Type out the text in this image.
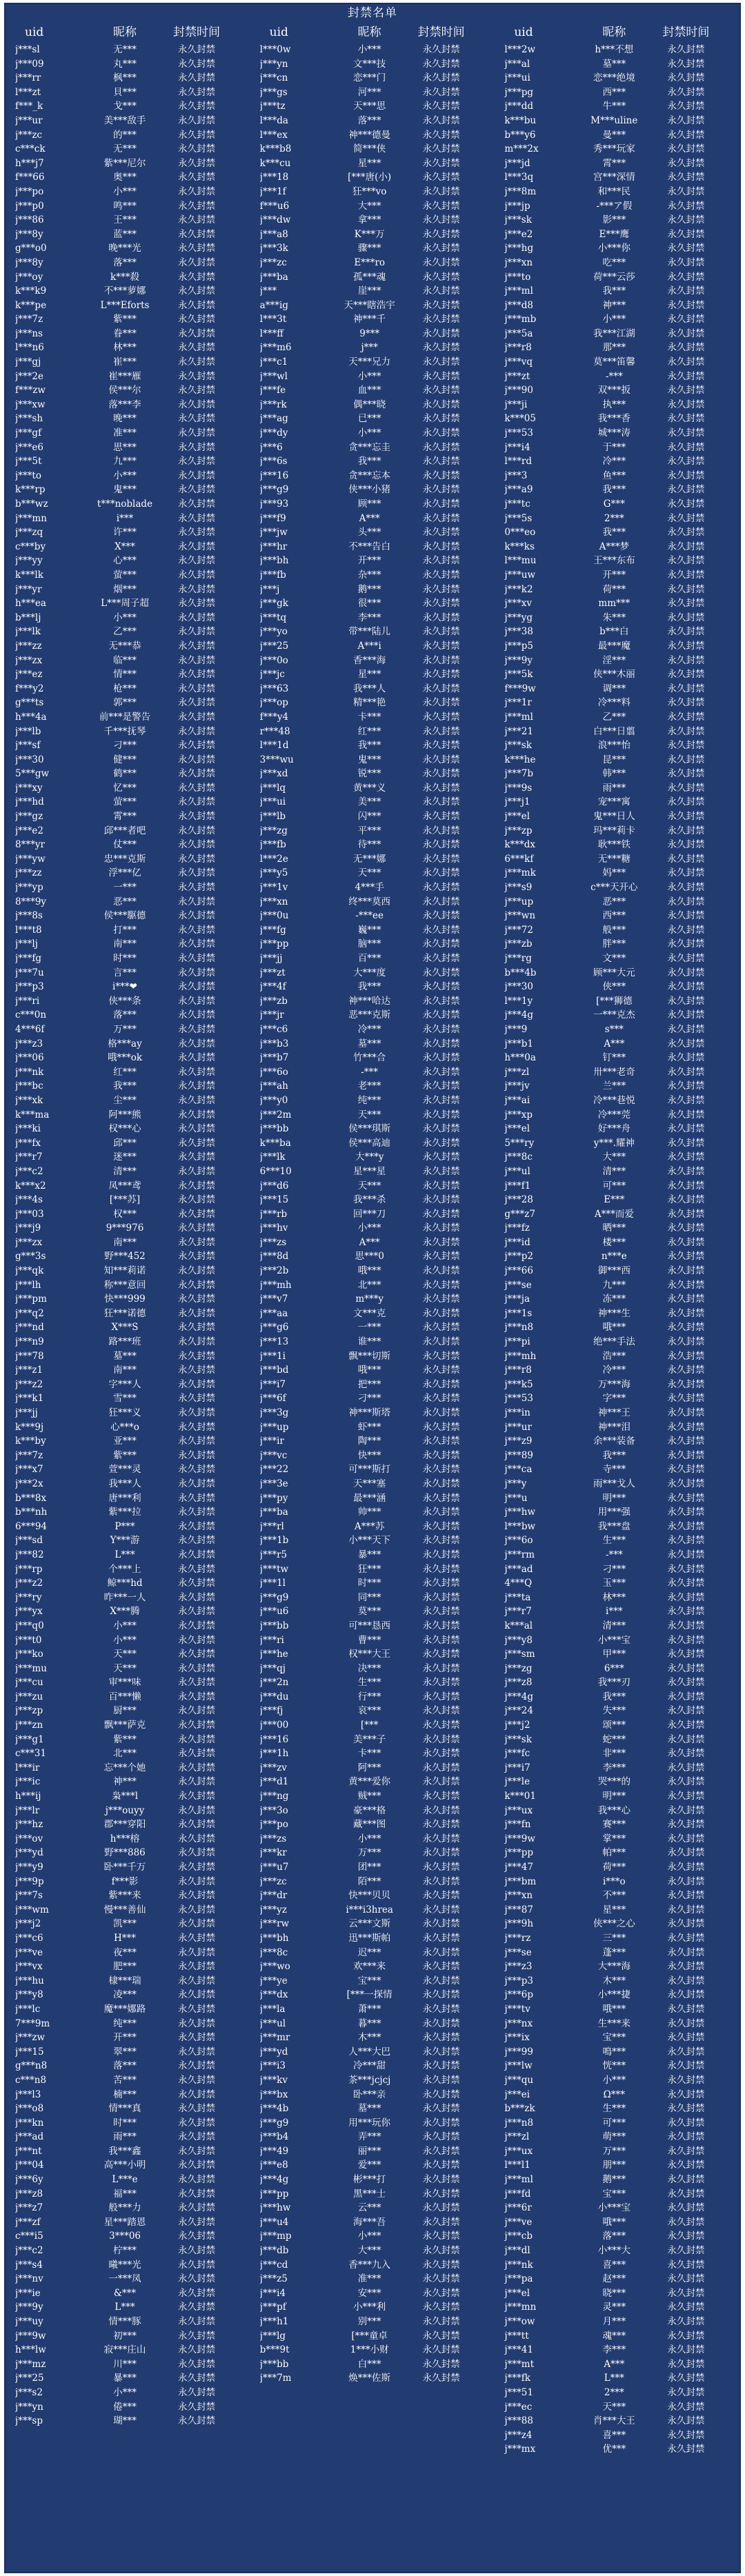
封禁名单
uid	昵称	封禁时间	uid	昵称	封禁时间	uid	昵称	封禁时间
j***sl	无***	永久封禁
j***09	丸***	永久封禁
j***rr	枫***	永久封禁
l***zt	貝***	永久封禁
f***_k	戈***	永久封禁
j***ur	美***敌手	永久封禁
j***zc	的***	永久封禁
c***ck	无***	永久封禁
h***j7	紫***尼尔	永久封禁
f***66	奥***	永久封禁
j***po	小***	永久封禁
j***p0	鸣***	永久封禁
j***86	王***	永久封禁
j***8y	蓝***	永久封禁
g***o0	晚***光	永久封禁
j***8y	落***	永久封禁
j***oy	k***殺	永久封禁
k***k9	不***萝娜	永久封禁
k***pe	L***Eforts	永久封禁
j***7z	紫***	永久封禁
j***ns	眷***	永久封禁
l***n6	林***	永久封禁
j***gj	崔***	永久封禁
j***2e	崔***雁	永久封禁
f***zw	侯***尔	永久封禁
j***xw	落***李	永久封禁
j***sh	晚***	永久封禁
j***gf	准***	永久封禁
j***e6	思***	永久封禁
j***5t	九***	永久封禁
j***to	小***	永久封禁
k***rp	鬼***	永久封禁
b***wz	t***noblade	永久封禁
j***mn	i***	永久封禁
j***zq	许***	永久封禁
c***by	X***	永久封禁
j***yy	心***	永久封禁
k***lk	萤***	永久封禁
j***yr	烟***	永久封禁
h***ea	L***周子超	永久封禁
b***lj	小***	永久封禁
j***lk	乙***	永久封禁
j***zz	无***恭	永久封禁
j***zx	临***	永久封禁
j***ez	情***	永久封禁
f***y2	枪***	永久封禁
g***ts	郭***	永久封禁
h***4a	前***是警告	永久封禁
j***lb	千***抚琴	永久封禁
j***sf	刁***	永久封禁
j***30	健***	永久封禁
5***gw	鹤***	永久封禁
j***xy	忆***	永久封禁
j***hd	萤***	永久封禁
j***gz	霄***	永久封禁
j***e2	邱***者吧	永久封禁
8***yr	仗***	永久封禁
j***yw	忠***克斯	永久封禁
j***zz	浮***亿	永久封禁
j***yp	一***	永久封禁
8***9y	恶***	永久封禁
j***8s	侯***駆德	永久封禁
l***t8	打***	永久封禁
j***lj	南***	永久封禁
j***fg	时***	永久封禁
j***7u	言***	永久封禁
j***p3	i***❤	永久封禁
j***ri	侠***条	永久封禁
c***0n	落***	永久封禁
4***6f	万***	永久封禁
j***z3	格***ay	永久封禁
j***06	哦***ok	永久封禁
j***nk	红***	永久封禁
j***bc	我***	永久封禁
j***xk	尘***	永久封禁
k***ma	阿***熊	永久封禁
j***ki	权***心	永久封禁
j***fx	邱***	永久封禁
j***r7	迷***	永久封禁
j***c2	清***	永久封禁
k***x2	凤***鸢	永久封禁
j***4s	[***苏]	永久封禁
j***03	权***	永久封禁
j***j9	9***976	永久封禁
j***zx	南***	永久封禁
g***3s	野***452	永久封禁
j***qk	知***莉诺	永久封禁
j***lh	称***意回	永久封禁
j***pm	快***999	永久封禁
j***q2	狂***诺德	永久封禁
j***nd	X***S	永久封禁
j***n9	路***班	永久封禁
j***78	墓***	永久封禁
j***z1	南***	永久封禁
j***z2	字***人	永久封禁
j***k1	雪***	永久封禁
j***jj	狂***义	永久封禁
k***9j	心***o	永久封禁
k***by	亚***	永久封禁
j***7z	紫***	永久封禁
j***x7	萱***灵	永久封禁
j***2x	我***人	永久封禁
b***8x	唐***利	永久封禁
b***nh	紫***拉	永久封禁
6***94	P***	永久封禁
j***sd	Y***游	永久封禁
j***82	L***	永久封禁
j***rp	个***上	永久封禁
j***z2	鲸***hd	永久封禁
j***ry	昨***一人	永久封禁
j***yx	X***腾	永久封禁
j***q0	小***	永久封禁
j***t0	小***	永久封禁
j***ko	天***	永久封禁
j***mu	天***	永久封禁
j***cu	审***味	永久封禁
j***zu	百***懒	永久封禁
j***zp	厨***	永久封禁
j***zn	飘***萨克	永久封禁
j***g1	紫***	永久封禁
c***31	北***	永久封禁
l***ir	忘***个她	永久封禁
j***ic	神***	永久封禁
h***ij	枭***l	永久封禁
j***lr	j***ouyy	永久封禁
j***hz	郡***穿阳	永久封禁
j***ov	h***榕	永久封禁
j***yd	野***886	永久封禁
j***y9	卧***千万	永久封禁
j***9p	f***影	永久封禁
j***7s	紫***来	永久封禁
j***wm	慢***善仙	永久封禁
j***j2	凯***	永久封禁
j***c6	H***	永久封禁
j***ve	夜***	永久封禁
j***vx	肥***	永久封禁
j***hu	棣***瑞	永久封禁
j***y8	凌***	永久封禁
j***lc	魔***娜路	永久封禁
7***9m	纯***	永久封禁
j***zw	开***	永久封禁
j***15	翠***	永久封禁
g***n8	落***	永久封禁
c***n8	苦***	永久封禁
j***l3	楠***	永久封禁
j***o8	情***真	永久封禁
j***kn	时***	永久封禁
j***ad	雨***	永久封禁
j***nt	我***鑫	永久封禁
j***04	高***小明	永久封禁
j***6y	L***e	永久封禁
j***z8	福***	永久封禁
j***z7	般***力	永久封禁
j***zf	星***踏恩	永久封禁
c***i5	3***06	永久封禁
j***c2	柠***	永久封禁
j***s4	曦***光	永久封禁
j***nv	一***凤	永久封禁
j***ie	&***	永久封禁
j***9y	L***	永久封禁
j***uy	情***豚	永久封禁
j***9w	初***	永久封禁
h***lw	寂***庄山	永久封禁
j***mz	川***	永久封禁
j***25	暴***	永久封禁
j***s2	小***	永久封禁
j***yn	倦***	永久封禁
j***sp	瑚***	永久封禁
l***0w	小***	永久封禁
j***yn	文***技	永久封禁
j***cn	恋***门	永久封禁
j***gs	河***	永久封禁
j***tz	天***思	永久封禁
l***da	落***	永久封禁
l***ex	神***德曼	永久封禁
k***b8	简***侠	永久封禁
k***cu	星***	永久封禁
j***18	[***唐(小)	永久封禁
j***1f	狂***vo	永久封禁
f***u6	大***	永久封禁
j***dw	拿***	永久封禁
j***a8	K***万	永久封禁
j***3k	骤***	永久封禁
j***zc	E***ro	永久封禁
j***ba	孤***魂	永久封禁
j***	崖***	永久封禁
a***ig	天***瞎浩宇	永久封禁
l***3t	神***千	永久封禁
l***ff	9***	永久封禁
j***m6	j***	永久封禁
j***c1	天***兄力	永久封禁
j***wl	小***	永久封禁
j***fe	血***	永久封禁
j***rk	偶***晓	永久封禁
j***ag	已***	永久封禁
j***dy	小***	永久封禁
j***6	贪***忘圭	永久封禁
j***6s	我***	永久封禁
j***16	贪***忘本	永久封禁
j***g9	侠***小猪	永久封禁
j***93	顾***	永久封禁
j***f9	A***	永久封禁
j***jw	头***	永久封禁
j***hr	不***告白	永久封禁
j***bh	开***	永久封禁
j***fb	杂***	永久封禁
j***j	鹅***	永久封禁
j***gk	很***	永久封禁
j***tq	李***	永久封禁
j***yo	带***陆儿	永久封禁
j***25	A***i	永久封禁
j***0o	香***海	永久封禁
j***jc	星***	永久封禁
j***63	我***人	永久封禁
j***op	精***艳	永久封禁
f***y4	卡***	永久封禁
r***48	红***	永久封禁
l***1d	我***	永久封禁
3***wu	鬼***	永久封禁
j***xd	锐***	永久封禁
j***lq	黄***义	永久封禁
j***ui	美***	永久封禁
j***lb	闪***	永久封禁
j***zg	平***	永久封禁
j***fb	待***	永久封禁
l***2e	无***娜	永久封禁
j***y5	天***	永久封禁
j***1v	4***手	永久封禁
j***xn	终***莫西	永久封禁
j***0u	-***ee	永久封禁
j***fg	巍***	永久封禁
j***pp	脑***	永久封禁
j***jj	百***	永久封禁
j***zt	大***度	永久封禁
j***4f	我***	永久封禁
j***zb	神***哈达	永久封禁
j***jr	恶***克斯	永久封禁
j***c6	冷***	永久封禁
j***b3	墓***	永久封禁
j***b7	竹***合	永久封禁
j***6o	-***	永久封禁
j***ah	老***	永久封禁
j***y0	纯***	永久封禁
j***2m	天***	永久封禁
j***bb	侯***琪斯	永久封禁
k***ba	侯***高迪	永久封禁
j***lk	大***y	永久封禁
6***10	星***星	永久封禁
j***d6	天***	永久封禁
j***15	我***杀	永久封禁
j***rb	回***刀	永久封禁
j***hv	小***	永久封禁
j***zs	A***	永久封禁
j***8d	思***0	永久封禁
j***2b	哦***	永久封禁
j***mh	北***	永久封禁
j***v7	m***y	永久封禁
j***aa	文***克	永久封禁
j***g6	一***	永久封禁
j***13	谁***	永久封禁
j***1i	飘***切斯	永久封禁
j***bd	哦***	永久封禁
j***i7	把***	永久封禁
j***6f	刁***	永久封禁
j***3g	神***斯塔	永久封禁
j***up	虾***	永久封禁
j***ir	陶***	永久封禁
j***vc	快***	永久封禁
j***22	可***斯打	永久封禁
j***3e	天***塞	永久封禁
j***py	最***涵	永久封禁
j***ba	帅***	永久封禁
j***rl	A***苏	永久封禁
j***1b	小***天下	永久封禁
j***r5	暴***	永久封禁
j***tw	狂***	永久封禁
j***1l	时***	永久封禁
j***g9	同***	永久封禁
j***u6	莫***	永久封禁
j***bb	可***恳西	永久封禁
j***ri	曹***	永久封禁
j***he	权***大王	永久封禁
j***qj	决***	永久封禁
j***2n	生***	永久封禁
j***du	行***	永久封禁
j***fj	哀***	永久封禁
j***00	[***	永久封禁
j***16	美***子	永久封禁
j***1h	卡***	永久封禁
j***zv	阿***	永久封禁
j***d1	黄***爱你	永久封禁
j***ng	贼***	永久封禁
j***3o	豪***格	永久封禁
j***po	藏***图	永久封禁
j***zs	小***	永久封禁
j***kr	万***	永久封禁
j***u7	团***	永久封禁
j***zc	陌***	永久封禁
j***dr	快***贝贝	永久封禁
j***yz	i***i3hrea	永久封禁
j***rw	云***文斯	永久封禁
j***bh	迅***斯帕	永久封禁
j***8c	迟***	永久封禁
j***wo	欢***来	永久封禁
j***ye	宝***	永久封禁
j***dx	[***一探情	永久封禁
j***la	萧***	永久封禁
j***ul	暮***	永久封禁
j***mr	木***	永久封禁
j***yd	人***大巴	永久封禁
j***i3	冷***甜	永久封禁
j***kv	茶***jcjcj	永久封禁
j***bx	卧***亲	永久封禁
j***4b	墓***	永久封禁
j***g9	用***玩你	永久封禁
j***b4	弄***	永久封禁
j***49	丽***	永久封禁
j***e8	爱***	永久封禁
j***4g	彬***打	永久封禁
j***pp	黑***士	永久封禁
j***hw	云***	永久封禁
j***u4	海***吾	永久封禁
j***mp	小***	永久封禁
j***db	大***	永久封禁
j***cd	香***九入	永久封禁
j***z5	准***	永久封禁
j***i4	安***	永久封禁
j***pf	小***利	永久封禁
j***h1	别***	永久封禁
j***lg	[***童卓	永久封禁
b***9t	1***小财	永久封禁
j***bb	白***	永久封禁
j***7m	焕***佐斯	永久封禁
l***2w	h***不想	永久封禁
j***al	墓***	永久封禁
j***ui	恋***绝境	永久封禁
j***pg	西***	永久封禁
j***dd	牛***	永久封禁
k***bu	M***uline	永久封禁
b***y6	曼***	永久封禁
m***2x	秀***玩家	永久封禁
j***jd	霄***	永久封禁
l***3q	宫***深情	永久封禁
j***8m	和***民	永久封禁
j***jp	-***ア假	永久封禁
j***sk	影***	永久封禁
j***e2	E***鹰	永久封禁
j***hg	小***你	永久封禁
j***xn	吃***	永久封禁
j***to	荷***云莎	永久封禁
j***ml	我***	永久封禁
j***d8	神***	永久封禁
j***mb	小***	永久封禁
j***5a	我***江湖	永久封禁
j***r8	那***	永久封禁
j***vq	莫***笛馨	永久封禁
j***zt	-***	永久封禁
j***90	双***扳	永久封禁
j***ji	执***	永久封禁
k***05	我***香	永久封禁
j***53	城***涛	永久封禁
j***i4	于***	永久封禁
l***rd	冷***	永久封禁
j***3	鱼***	永久封禁
j***a9	我***	永久封禁
j***tc	G***	永久封禁
j***5s	2***	永久封禁
0***eo	我***	永久封禁
k***ks	A***梦	永久封禁
l***mu	王***东布	永久封禁
j***uw	开***	永久封禁
j***k2	荷***	永久封禁
j***xv	mm***	永久封禁
j***yg	朱***	永久封禁
j***38	b***白	永久封禁
j***p5	最***魔	永久封禁
j***9y	淫***	永久封禁
j***5k	侠***木丽	永久封禁
f***9w	调***	永久封禁
j***1r	冷***料	永久封禁
j***ml	乙***	永久封禁
j***21	白***日翦	永久封禁
j***sk	浪***怡	永久封禁
k***he	昆***	永久封禁
j***7b	韩***	永久封禁
j***9s	雨***	永久封禁
j***j1	宠***寓	永久封禁
j***el	鬼***日人	永久封禁
j***zp	玛***莉卡	永久封禁
k***dx	耿***铁	永久封禁
6***kf	无***糖	永久封禁
j***mk	妈***	永久封禁
j***s9	c***天开心	永久封禁
j***up	恶***	永久封禁
j***wn	西***	永久封禁
j***72	般***	永久封禁
j***zb	胖***	永久封禁
j***rg	文***	永久封禁
b***4b	顾***大元	永久封禁
j***30	侠***	永久封禁
l***1y	[***狮德	永久封禁
j***4g	一***克杰	永久封禁
j***9	s***	永久封禁
j***b1	A***	永久封禁
h***0a	钉***	永久封禁
j***zl	卅***老奇	永久封禁
j***jv	兰***	永久封禁
j***ai	冷***巷悦	永久封禁
j***xp	冷***莞	永久封禁
j***el	好***舟	永久封禁
5***ry	y***.耀神	永久封禁
j***8c	大***	永久封禁
j***ul	清***	永久封禁
j***f1	可***	永久封禁
j***28	E***	永久封禁
g***z7	A***而爱	永久封禁
j***fz	晒***	永久封禁
j***id	楼***	永久封禁
j***p2	n***e	永久封禁
j***66	御***西	永久封禁
j***se	九***	永久封禁
j***ja	冻***	永久封禁
j***1s	神***生	永久封禁
j***n8	哦***	永久封禁
j***pi	绝***手法	永久封禁
j***mh	浩***	永久封禁
j***r8	冷***	永久封禁
j***k5	万***海	永久封禁
j***53	字***	永久封禁
j***in	神***王	永久封禁
j***ur	神***泪	永久封禁
j***z9	余***装备	永久封禁
j***89	我***	永久封禁
j***ca	寺***	永久封禁
j***y	雨***戈人	永久封禁
j***u	明***	永久封禁
j***hw	用***强	永久封禁
l***bw	我***盘	永久封禁
j***6o	生***	永久封禁
j***rm	-***	永久封禁
j***ad	刁***	永久封禁
4***Q	玉***	永久封禁
j***ta	林***	永久封禁
j***r7	i***	永久封禁
k***al	清***	永久封禁
j***y8	小***宝	永久封禁
j***sm	甲***	永久封禁
j***zg	6***	永久封禁
j***z8	我***刃	永久封禁
j***4g	我***	永久封禁
j***24	失***	永久封禁
j***j2	颂***	永久封禁
j***sk	蛇***	永久封禁
j***fc	非***	永久封禁
j***i7	李***	永久封禁
j***le	哭***的	永久封禁
k***01	明***	永久封禁
j***ux	我***心	永久封禁
j***fn	赛***	永久封禁
j***9w	掌***	永久封禁
j***pp	帕***	永久封禁
j***47	荷***	永久封禁
j***bm	i***o	永久封禁
j***xn	不***	永久封禁
j***87	星***	永久封禁
j***9h	侠***之心	永久封禁
j***rz	三***	永久封禁
j***se	蓬***	永久封禁
j***z3	大***海	永久封禁
j***p3	木***	永久封禁
j***6p	小***捷	永久封禁
j***tv	哦***	永久封禁
j***nx	生***来	永久封禁
j***ix	宝***	永久封禁
j***99	鳴***	永久封禁
j***lw	恍***	永久封禁
j***qu	小***	永久封禁
j***ei	Ω***	永久封禁
b***zk	生***	永久封禁
j***n8	可***	永久封禁
j***zl	萌***	永久封禁
j***ux	万***	永久封禁
l***l1	朋***	永久封禁
j***ml	鹅***	永久封禁
j***fd	宝***	永久封禁
j***6r	小***宝	永久封禁
j***ve	哦***	永久封禁
j***cb	落***	永久封禁
j***dl	小***大	永久封禁
j***nk	喜***	永久封禁
j***pa	赵***	永久封禁
j***el	晓***	永久封禁
j***mn	灵***	永久封禁
j***ow	月***	永久封禁
j***tt	魂***	永久封禁
j***41	李***	永久封禁
j***mt	A***	永久封禁
j***fk	L***	永久封禁
j***51	2***	永久封禁
j***ec	天***	永久封禁
j***88	肖***大王	永久封禁
j***z4	喜***	永久封禁
j***mx	优***	永久封禁
